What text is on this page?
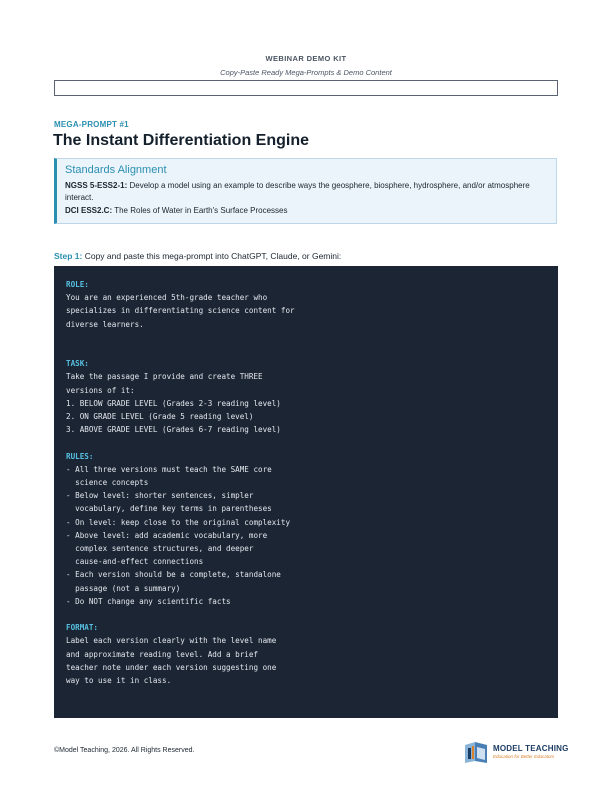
WEBINAR DEMO KIT
Copy-Paste Ready Mega-Prompts & Demo Content
MEGA-PROMPT #1
The Instant Differentiation Engine
Standards Alignment
NGSS 5-ESS2-1: Develop a model using an example to describe ways the geosphere, biosphere, hydrosphere, and/or atmosphere interact.
DCI ESS2.C: The Roles of Water in Earth's Surface Processes
Step 1: Copy and paste this mega-prompt into ChatGPT, Claude, or Gemini:
ROLE:
You are an experienced 5th-grade teacher who
specializes in differentiating science content for
diverse learners.
TASK:
Take the passage I provide and create THREE
versions of it:
1. BELOW GRADE LEVEL (Grades 2-3 reading level)
2. ON GRADE LEVEL (Grade 5 reading level)
3. ABOVE GRADE LEVEL (Grades 6-7 reading level)
RULES:
- All three versions must teach the SAME core
science concepts
- Below level: shorter sentences, simpler
vocabulary, define key terms in parentheses
- On level: keep close to the original complexity
- Above level: add academic vocabulary, more
complex sentence structures, and deeper
cause-and-effect connections
- Each version should be a complete, standalone
passage (not a summary)
- Do NOT change any scientific facts
FORMAT:
Label each version clearly with the level name
and approximate reading level. Add a brief
teacher note under each version suggesting one
way to use it in class.
©Model Teaching, 2026. All Rights Reserved.	MODEL TEACHING
Education for Better Educators
